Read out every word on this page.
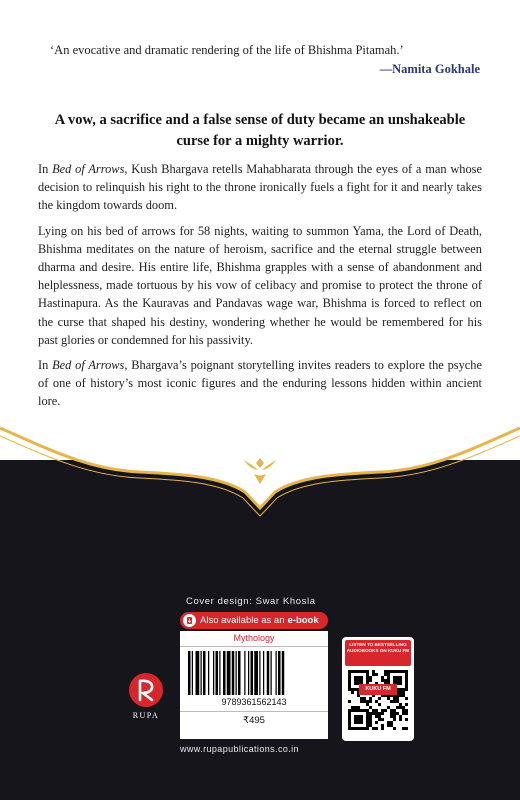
‘An evocative and dramatic rendering of the life of Bhishma Pitamah.’
—Namita Gokhale
A vow, a sacrifice and a false sense of duty became an unshakeable curse for a mighty warrior.

In Bed of Arrows, Kush Bhargava retells Mahabharata through the eyes of a man whose decision to relinquish his right to the throne ironically fuels a fight for it and nearly takes the kingdom towards doom.

Lying on his bed of arrows for 58 nights, waiting to summon Yama, the Lord of Death, Bhishma meditates on the nature of heroism, sacrifice and the eternal struggle between dharma and desire. His entire life, Bhishma grapples with a sense of abandonment and helplessness, made tortuous by his vow of celibacy and promise to protect the throne of Hastinapura. As the Kauravas and Pandavas wage war, Bhishma is forced to reflect on the curse that shaped his destiny, wondering whether he would be remembered for his past glories or condemned for his passivity.

In Bed of Arrows, Bhargava’s poignant storytelling invites readers to explore the psyche of one of history’s most iconic figures and the enduring lessons hidden within ancient lore.

Cover design: Swar Khosla
Also available as an e-book
Mythology
9789361562143
₹495
www.rupapublications.co.in
RUPA
LISTEN TO BESTSELLING AUDIOBOOKS ON KUKU FM
KUKU FM
